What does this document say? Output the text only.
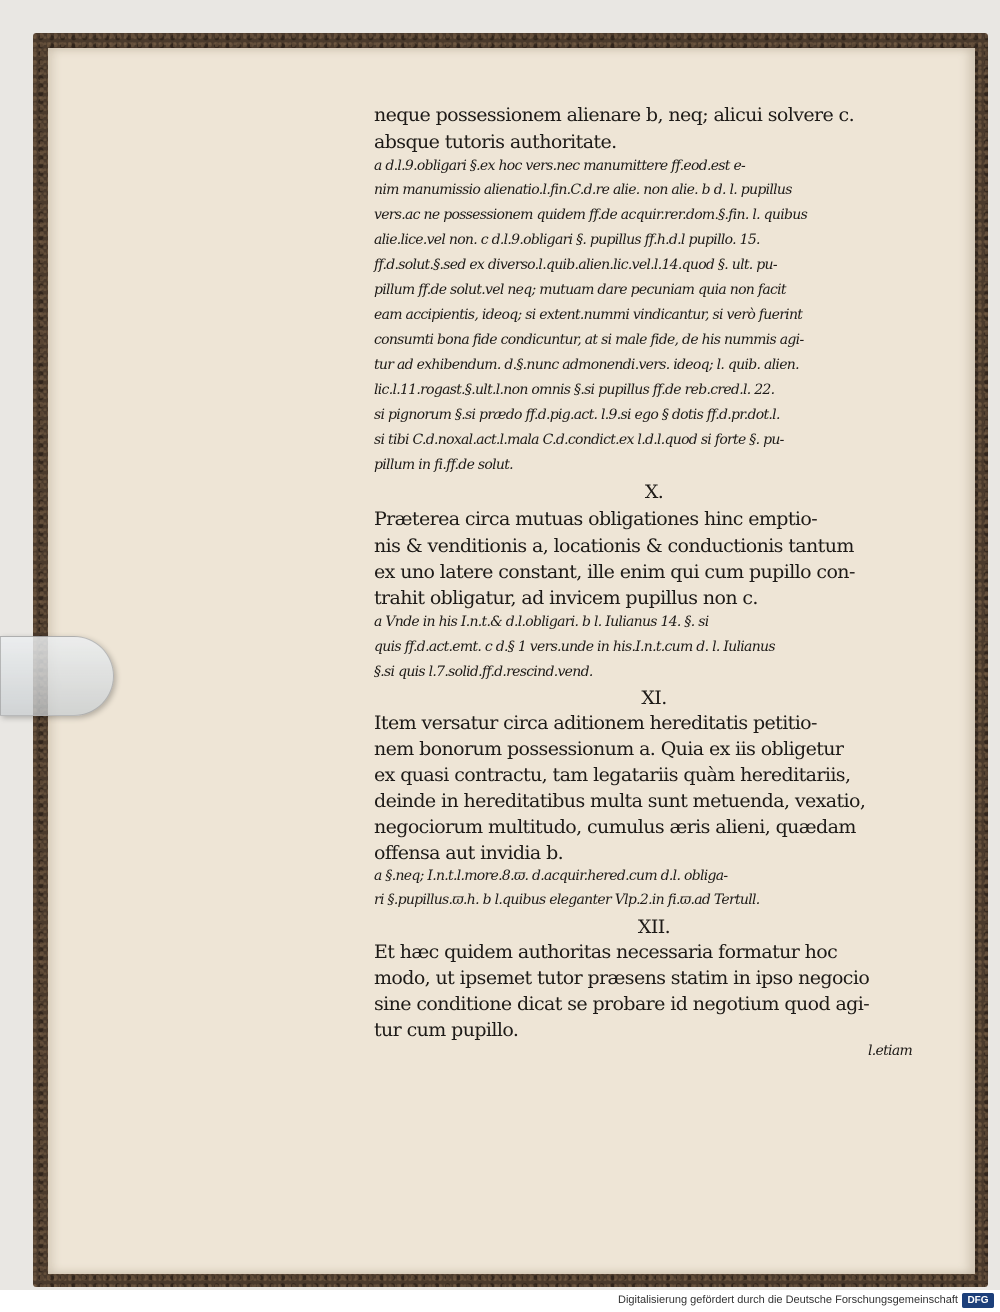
neque possessionem alienare b, neq; alicui solvere c.
absque tutoris authoritate.
a d.l.9.obligari §.ex hoc vers.nec manumittere ff.eod.est e-
nim manumissio alienatio.l.fin.C.d.re alie. non alie. b d. l. pupillus
vers.ac ne possessionem quidem ff.de acquir.rer.dom.§.fin. l. quibus
alie.lice.vel non. c d.l.9.obligari §. pupillus ff.h.d.l pupillo. 15.
ff.d.solut.§.sed ex diverso.l.quib.alien.lic.vel.l.14.quod §. ult. pu-
pillum ff.de solut.vel neq; mutuam dare pecuniam quia non facit
eam accipientis, ideoq; si extent.nummi vindicantur, si verò fuerint
consumti bona fide condicuntur, at si male fide, de his nummis agi-
tur ad exhibendum. d.§.nunc admonendi.vers. ideoq; l. quib. alien.
lic.l.11.rogast.§.ult.l.non omnis §.si pupillus ff.de reb.cred.l. 22.
si pignorum §.si prædo ff.d.pig.act. l.9.si ego § dotis ff.d.pr.dot.l.
si tibi C.d.noxal.act.l.mala C.d.condict.ex l.d.l.quod si forte §. pu-
pillum in fi.ff.de solut.
X.
Præterea circa mutuas obligationes hinc emptio-
nis & venditionis a, locationis & conductionis tantum
ex uno latere constant, ille enim qui cum pupillo con-
trahit obligatur, ad invicem pupillus non c.
a Vnde in his I.n.t.& d.l.obligari. b l. Iulianus 14. §. si
quis ff.d.act.emt. c d.§ 1 vers.unde in his.I.n.t.cum d. l. Iulianus
§.si quis l.7.solid.ff.d.rescind.vend.
XI.
Item versatur circa aditionem hereditatis petitio-
nem bonorum possessionum a. Quia ex iis obligetur
ex quasi contractu, tam legatariis quàm hereditariis,
deinde in hereditatibus multa sunt metuenda, vexatio,
negociorum multitudo, cumulus æris alieni, quædam
offensa aut invidia b.
a §.neq; I.n.t.l.more.8.ϖ. d.acquir.hered.cum d.l. obliga-
ri §.pupillus.ϖ.h. b l.quibus eleganter Vlp.2.in fi.ϖ.ad Tertull.
XII.
Et hæc quidem authoritas necessaria formatur hoc
modo, ut ipsemet tutor præsens statim in ipso negocio
sine conditione dicat se probare id negotium quod agi-
tur cum pupillo.
l.etiam
Digitalisierung gefördert durch die Deutsche Forschungsgemeinschaft DFG
